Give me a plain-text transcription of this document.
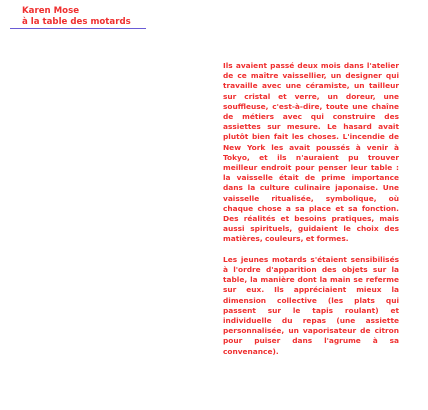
Karen Mose
à la table des motards

Ils avaient passé deux mois dans l'atelier de ce maître vaissellier, un designer qui travaille avec une céramiste, un tailleur sur cristal et verre, un doreur, une souffleuse, c'est-à-dire, toute une chaîne de métiers avec qui construire des assiettes sur mesure. Le hasard avait plutôt bien fait les choses. L'incendie de New York les avait poussés à venir à Tokyo, et ils n'auraient pu trouver meilleur endroit pour penser leur table : la vaisselle était de prime importance dans la culture culinaire japonaise. Une vaisselle ritualisée, symbolique, où chaque chose a sa place et sa fonction. Des réalités et besoins pratiques, mais aussi spirituels, guidaient le choix des matières, couleurs, et formes.

Les jeunes motards s'étaient sensibilisés à l'ordre d'apparition des objets sur la table, la manière dont la main se referme sur eux. Ils appréciaient mieux la dimension collective (les plats qui passent sur le tapis roulant) et individuelle du repas (une assiette personnalisée, un vaporisateur de citron pour puiser dans l'agrume à sa convenance).
